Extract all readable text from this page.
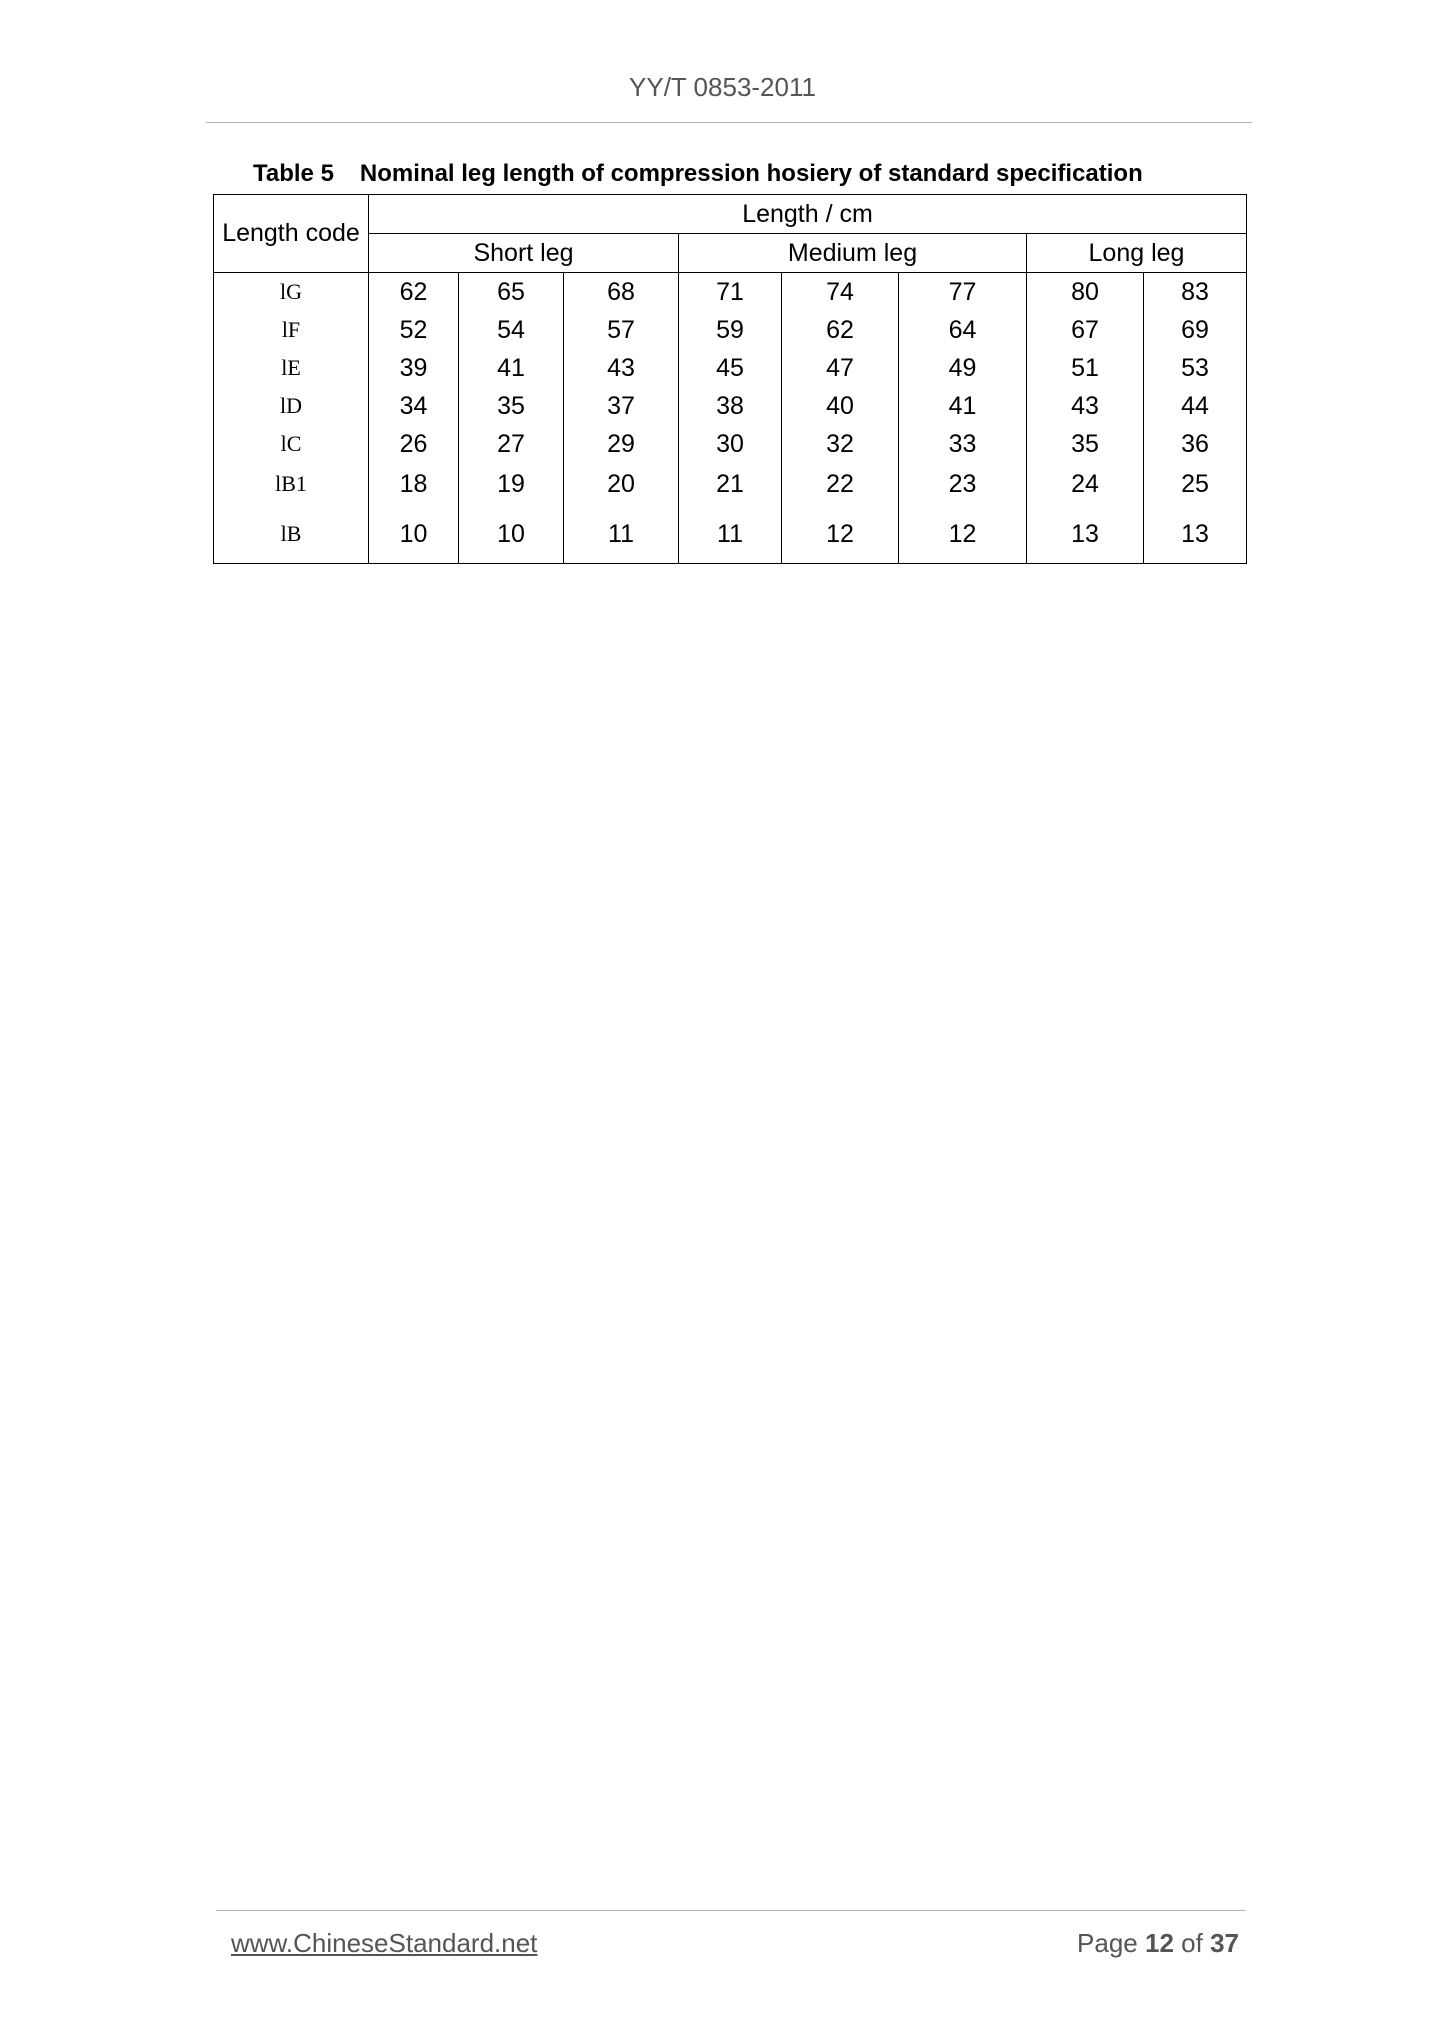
YY/T 0853-2011
Table 5 Nominal leg length of compression hosiery of standard specification
Length code	Length / cm							
	Short leg			Medium leg			Long leg	
lG	62	65	68	71	74	77	80	83
lF	52	54	57	59	62	64	67	69
lE	39	41	43	45	47	49	51	53
lD	34	35	37	38	40	41	43	44
lC	26	27	29	30	32	33	35	36
lB1	18	19	20	21	22	23	24	25
lB	10	10	11	11	12	12	13	13
www.ChineseStandard.net	Page 12 of 37
